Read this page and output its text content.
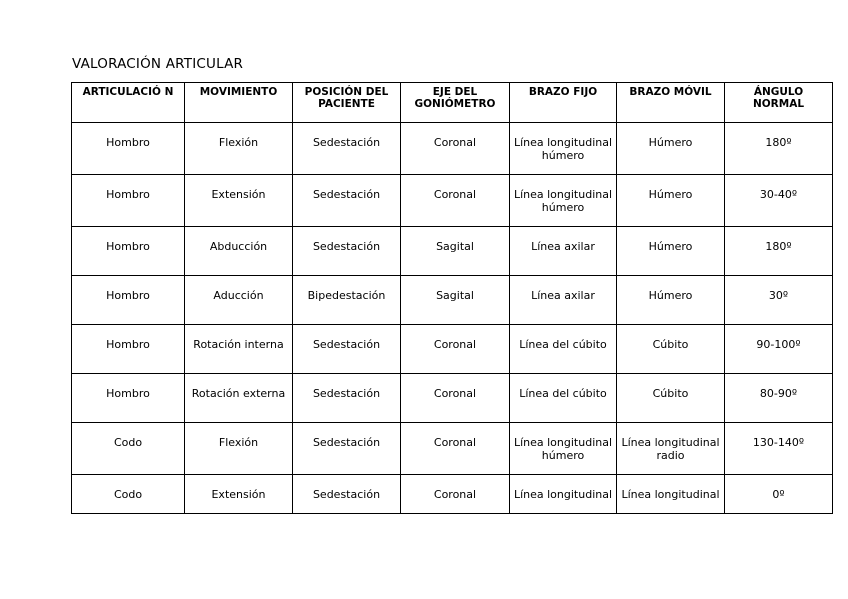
VALORACIÓN ARTICULAR
ARTICULACIÓ N	MOVIMIENTO	POSICIÓN DEL PACIENTE	EJE DEL GONIÓMETRO	BRAZO FIJO	BRAZO MÓVIL	ÁNGULO NORMAL
Hombro	Flexión	Sedestación	Coronal	Línea longitudinal húmero	Húmero	180º
Hombro	Extensión	Sedestación	Coronal	Línea longitudinal húmero	Húmero	30-40º
Hombro	Abducción	Sedestación	Sagital	Línea axilar	Húmero	180º
Hombro	Aducción	Bipedestación	Sagital	Línea axilar	Húmero	30º
Hombro	Rotación interna	Sedestación	Coronal	Línea del cúbito	Cúbito	90-100º
Hombro	Rotación externa	Sedestación	Coronal	Línea del cúbito	Cúbito	80-90º
Codo	Flexión	Sedestación	Coronal	Línea longitudinal húmero	Línea longitudinal radio	130-140º
Codo	Extensión	Sedestación	Coronal	Línea longitudinal	Línea longitudinal	0º
